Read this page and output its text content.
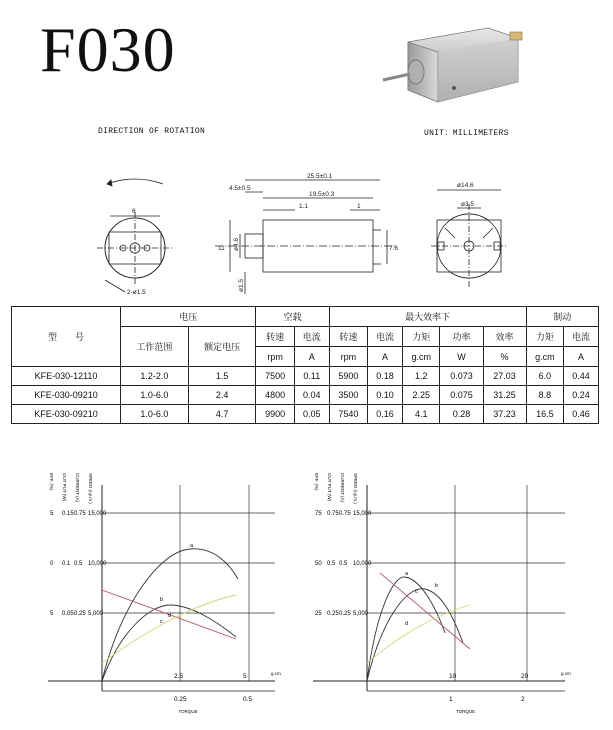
F030
DIRECTION OF ROTATION	UNIT：MILLIMETERS
θ
2-ø1.5
25.5±0.1
4.5±0.5
19.5±0.3
1.1	1
11 ø4.6	7.6
ø1.5
ø14.6
ø3.5
型　　号	电压		空载		最大效率下					制动	
	工作范围	额定电压	转速	电流	转速	电流	力矩	功率	效率	力矩	电流
			rpm	A	rpm	A	g.cm	W	%	g.cm	A
KFE-030-12110	1.2-2.0	1.5	7500	0.11	5900	0.18	1.2	0.073	27.03	6.0	0.44
KFE-030-09210	1.0-6.0	2.4	4800	0.04	3500	0.10	2.25	0.075	31.25	8.8	0.24
KFE-030-09210	1.0-6.0	4.7	9900	0.05	7540	0.16	4.1	0.28	37.23	16.5	0.46
EFF. (%) OUT PUT (W) CURRENT (A) SPEED (r.p.m.)
5 0.15 0.75 15,000
0 0.1 0.5 10,000
5 0.05 0.25 5,000
2.5	5
0.25	0.5
g.cm
TORQUE
a
b
c
d
EFF. (%) OUT PUT (W) CURRENT (A) SPEED (r.p.m.)
75 0.75 0.75 15,000
50 0.5 0.5 10,000
25 0.25 0.25 5,000
10	20
1	2
g.cm
TORQUE
a
b
c
d
